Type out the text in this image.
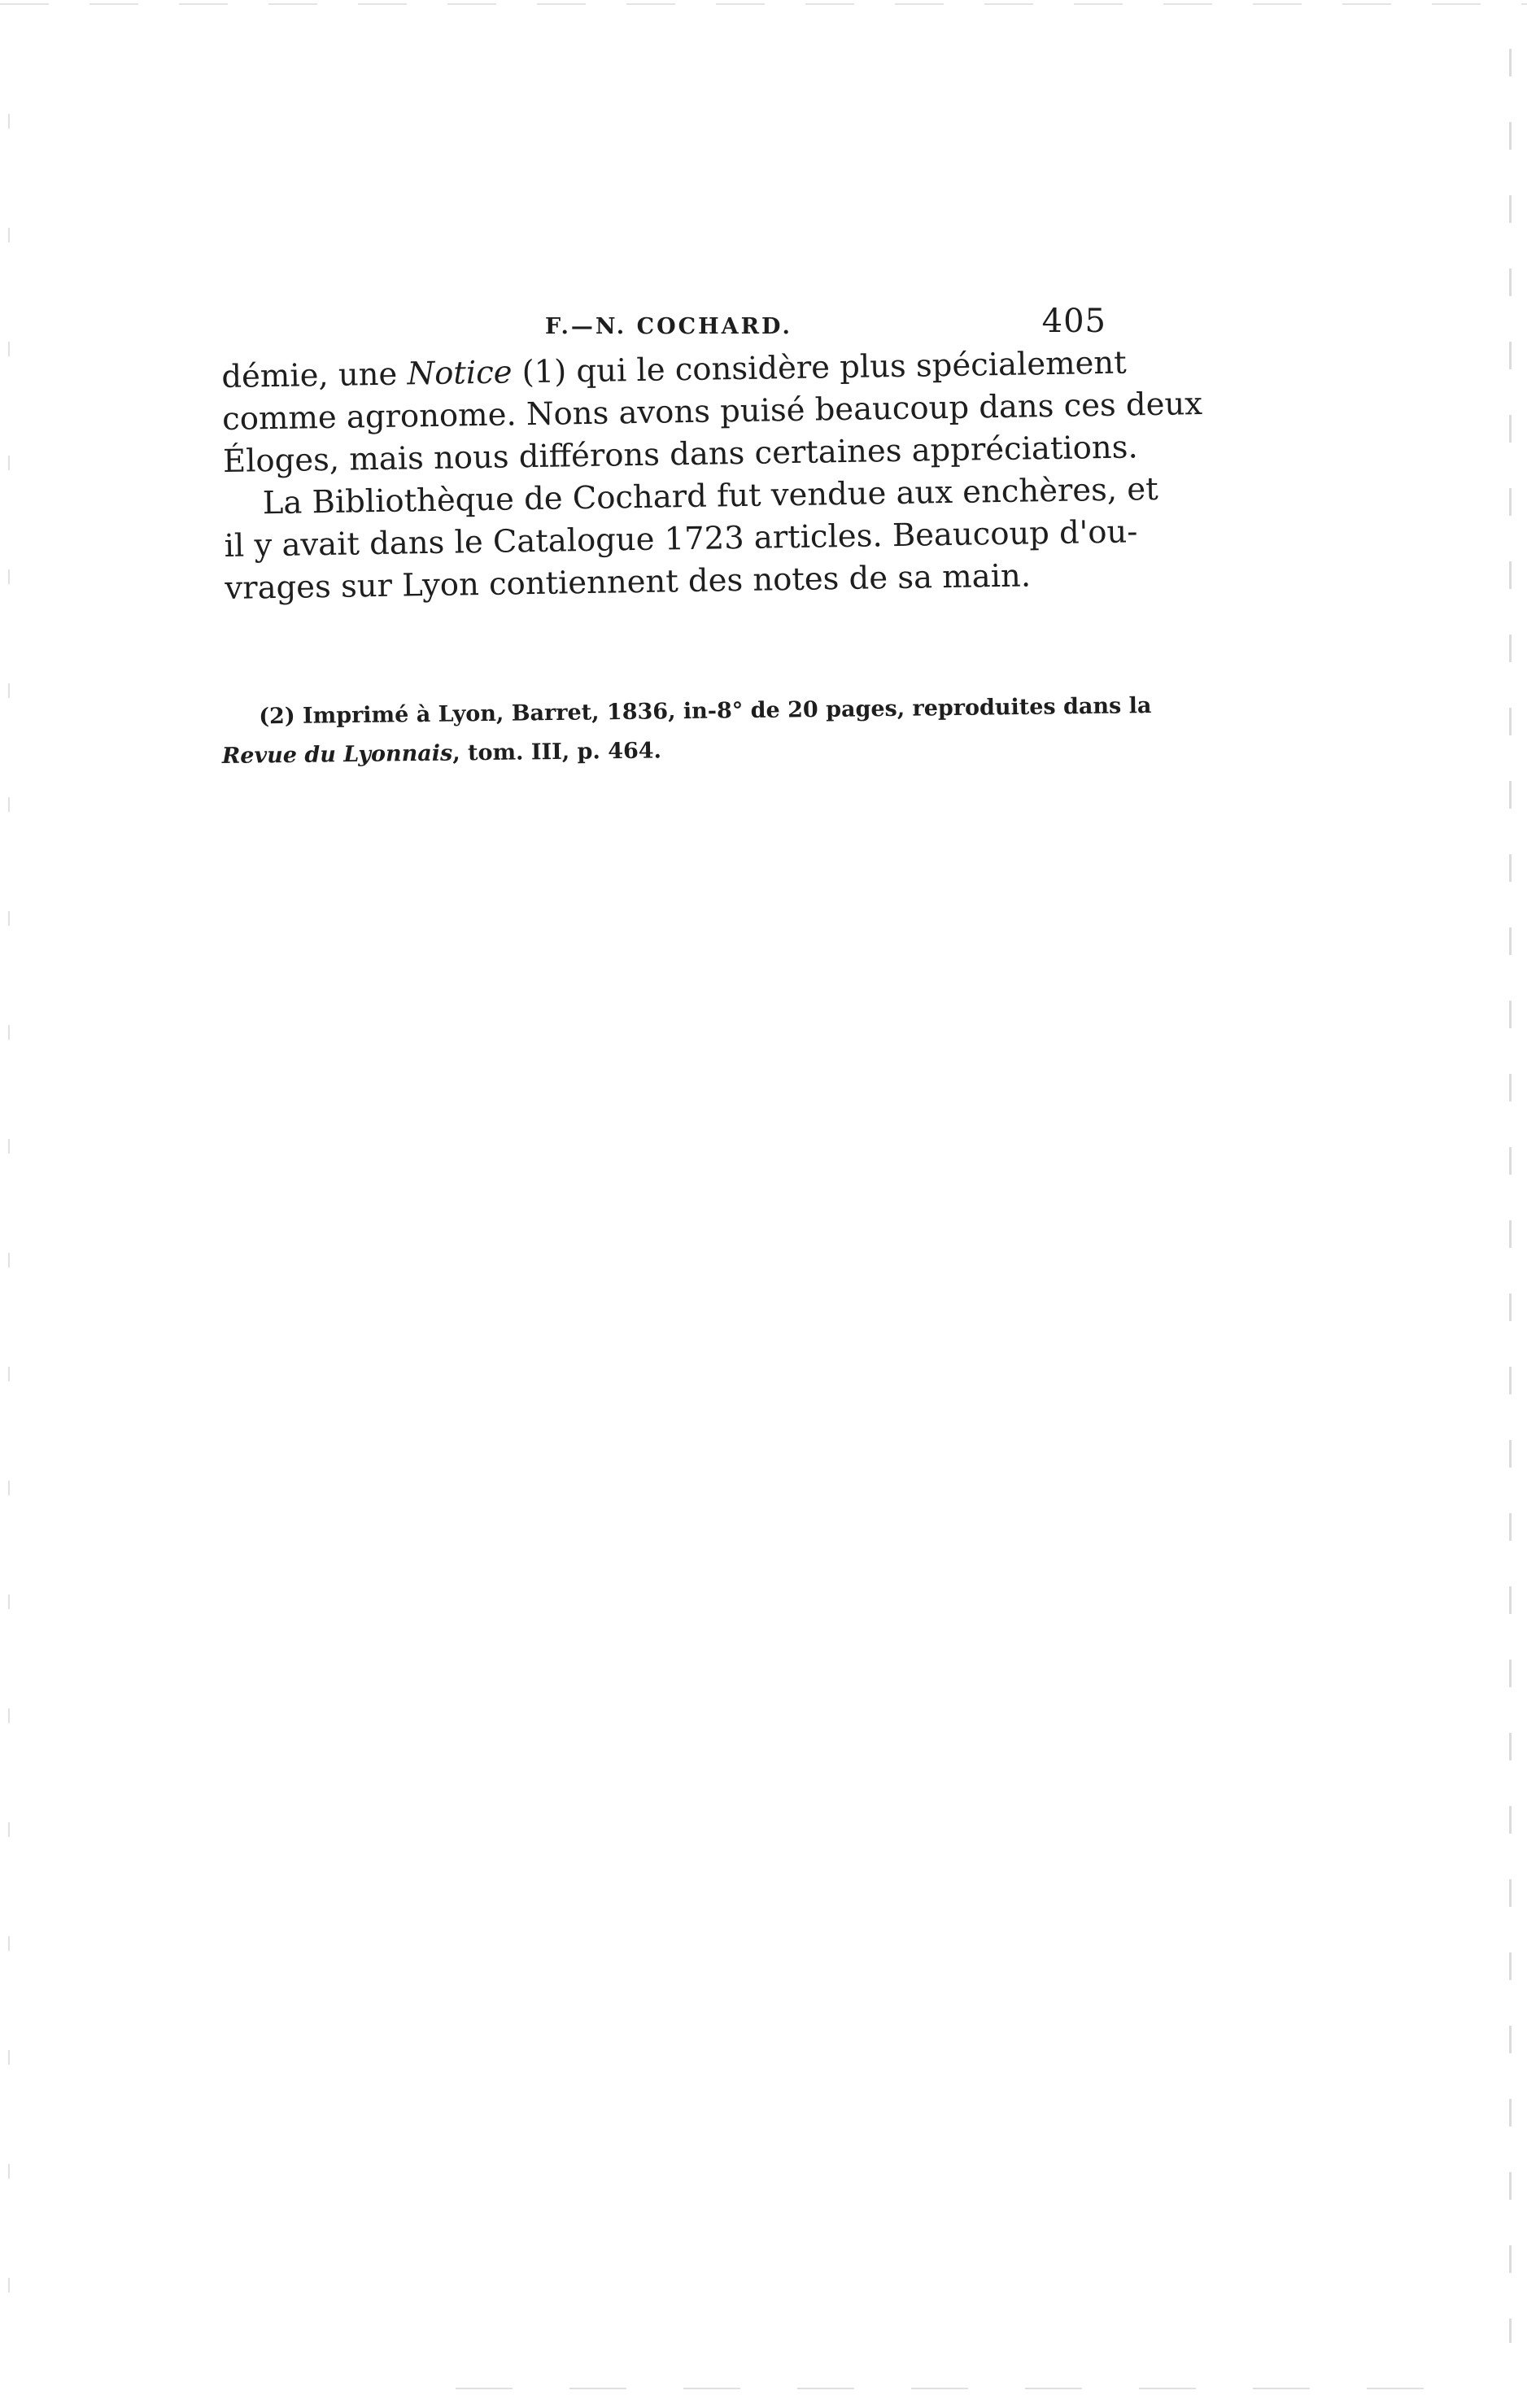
F.—N. COCHARD.	405

démie, une Notice (1) qui le considère plus spécialement
comme agronome. Nons avons puisé beaucoup dans ces deux
Éloges, mais nous différons dans certaines appréciations.

La Bibliothèque de Cochard fut vendue aux enchères, et
il y avait dans le Catalogue 1723 articles. Beaucoup d'ou-
vrages sur Lyon contiennent des notes de sa main.

(2) Imprimé à Lyon, Barret, 1836, in-8° de 20 pages, reproduites dans la
Revue du Lyonnais, tom. III, p. 464.
